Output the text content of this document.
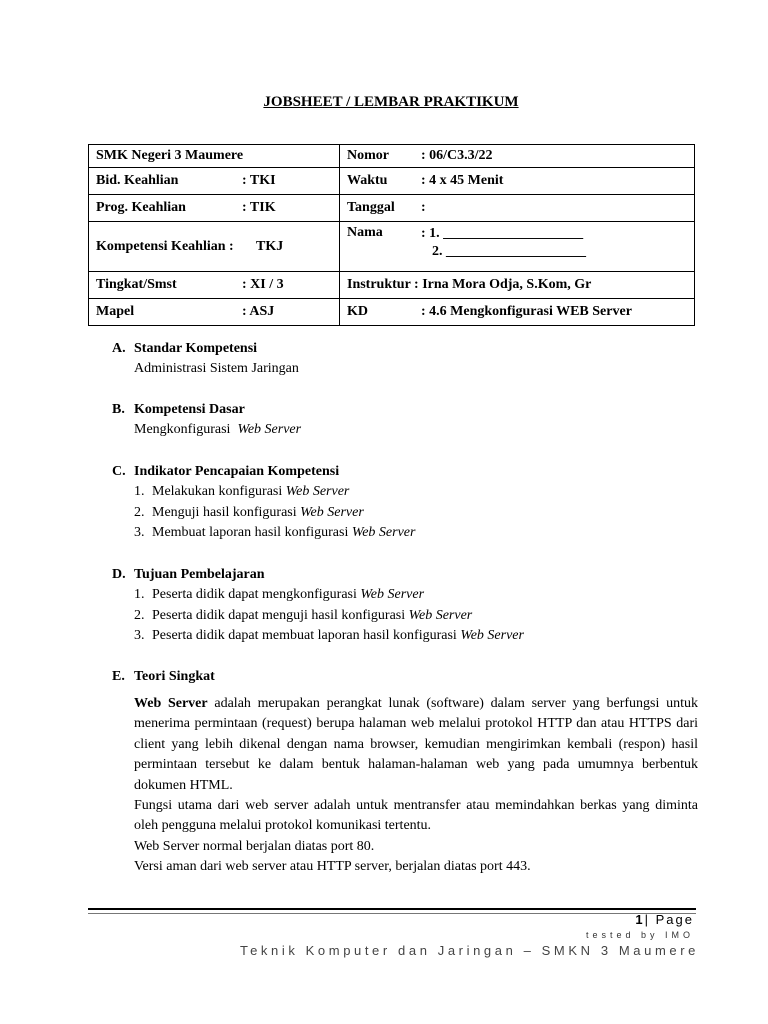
JOBSHEET / LEMBAR PRAKTIKUM
SMK Negeri 3 Maumere	Nomor : 06/C3.3/22
Bid. Keahlian : TKI	Waktu : 4 x 45 Menit
Prog. Keahlian : TIK	Tanggal :
Kompetensi Keahlian : TKJ	Nama : 1. ____________________
2. ____________________

Tingkat/Smst : XI / 3	Instruktur : Irna Mora Odja, S.Kom, Gr
Mapel : ASJ	KD : 4.6 Mengkonfigurasi WEB Server
A. Standar Kompetensi
Administrasi Sistem Jaringan
B. Kompetensi Dasar
Mengkonfigurasi Web Server
C. Indikator Pencapaian Kompetensi
1. Melakukan konfigurasi Web Server
2. Menguji hasil konfigurasi Web Server
3. Membuat laporan hasil konfigurasi Web Server
D. Tujuan Pembelajaran
1. Peserta didik dapat mengkonfigurasi Web Server
2. Peserta didik dapat menguji hasil konfigurasi Web Server
3. Peserta didik dapat membuat laporan hasil konfigurasi Web Server
E. Teori Singkat

Web Server adalah merupakan perangkat lunak (software) dalam server yang berfungsi untuk menerima permintaan (request) berupa halaman web melalui protokol HTTP dan atau HTTPS dari client yang lebih dikenal dengan nama browser, kemudian mengirimkan kembali (respon) hasil permintaan tersebut ke dalam bentuk halaman-halaman web yang pada umumnya berbentuk dokumen HTML.

Fungsi utama dari web server adalah untuk mentransfer atau memindahkan berkas yang diminta oleh pengguna melalui protokol komunikasi tertentu.

Web Server normal berjalan diatas port 80.

Versi aman dari web server atau HTTP server, berjalan diatas port 443.

1| Page
tested by IMO
Teknik Komputer dan Jaringan – SMKN 3 Maumere
